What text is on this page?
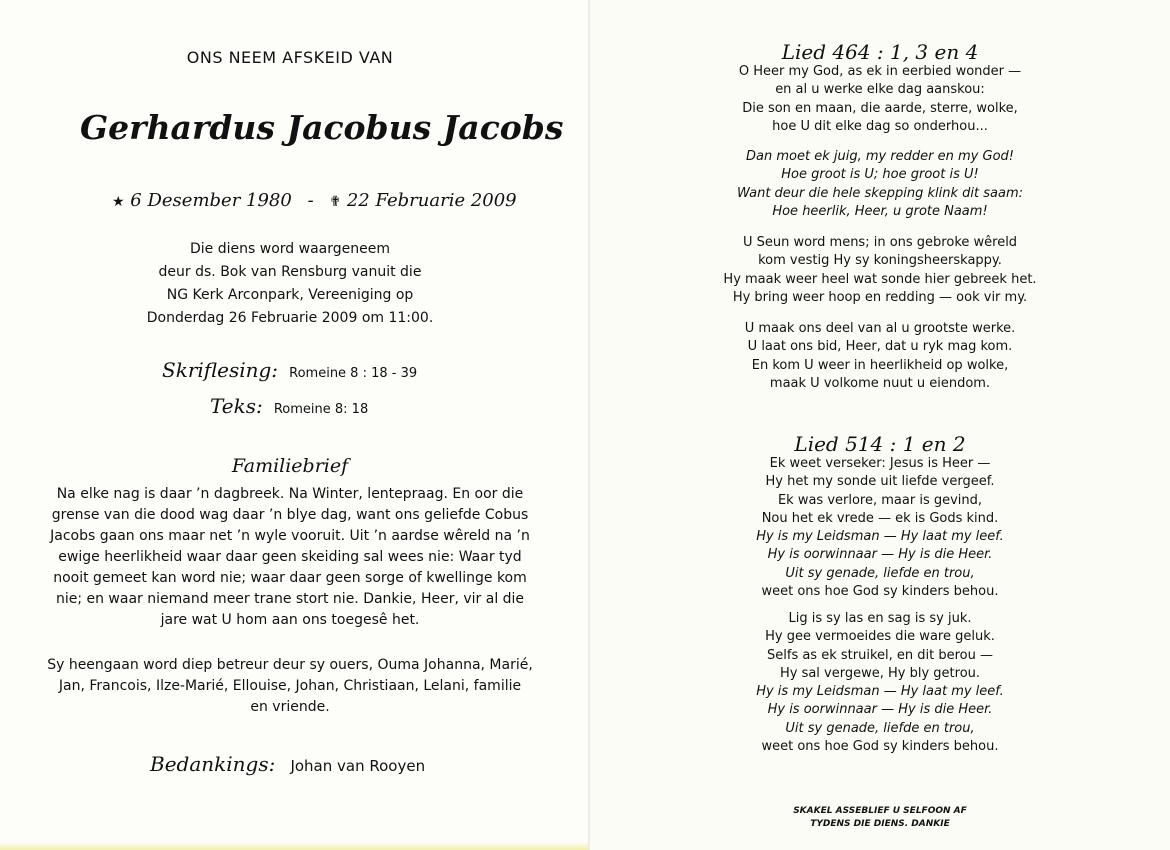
ONS NEEM AFSKEID VAN
Gerhardus Jacobus Jacobs
★ 6 Desember 1980 - ✟ 22 Februarie 2009
Die diens word waargeneem
deur ds. Bok van Rensburg vanuit die
NG Kerk Arconpark, Vereeniging op
Donderdag 26 Februarie 2009 om 11:00.
Skriflesing: Romeine 8 : 18 - 39
Teks: Romeine 8: 18
Familiebrief
Na elke nag is daar ’n dagbreek. Na Winter, lentepraag. En oor die
grense van die dood wag daar ’n blye dag, want ons geliefde Cobus
Jacobs gaan ons maar net ’n wyle vooruit. Uit ’n aardse wêreld na ’n
ewige heerlikheid waar daar geen skeiding sal wees nie: Waar tyd
nooit gemeet kan word nie; waar daar geen sorge of kwellinge kom
nie; en waar niemand meer trane stort nie. Dankie, Heer, vir al die
jare wat U hom aan ons toegesê het.
Sy heengaan word diep betreur deur sy ouers, Ouma Johanna, Marié,
Jan, Francois, Ilze-Marié, Ellouise, Johan, Christiaan, Lelani, familie
en vriende.
Bedankings: Johan van Rooyen
Lied 464 : 1, 3 en 4
O Heer my God, as ek in eerbied wonder —
en al u werke elke dag aanskou:
Die son en maan, die aarde, sterre, wolke,
hoe U dit elke dag so onderhou...
Dan moet ek juig, my redder en my God!
Hoe groot is U; hoe groot is U!
Want deur die hele skepping klink dit saam:
Hoe heerlik, Heer, u grote Naam!
U Seun word mens; in ons gebroke wêreld
kom vestig Hy sy koningsheerskappy.
Hy maak weer heel wat sonde hier gebreek het.
Hy bring weer hoop en redding — ook vir my.
U maak ons deel van al u grootste werke.
U laat ons bid, Heer, dat u ryk mag kom.
En kom U weer in heerlikheid op wolke,
maak U volkome nuut u eiendom.
Lied 514 : 1 en 2
Ek weet verseker: Jesus is Heer —
Hy het my sonde uit liefde vergeef.
Ek was verlore, maar is gevind,
Nou het ek vrede — ek is Gods kind.
Hy is my Leidsman — Hy laat my leef.
Hy is oorwinnaar — Hy is die Heer.
Uit sy genade, liefde en trou,
weet ons hoe God sy kinders behou.
Lig is sy las en sag is sy juk.
Hy gee vermoeides die ware geluk.
Selfs as ek struikel, en dit berou —
Hy sal vergewe, Hy bly getrou.
Hy is my Leidsman — Hy laat my leef.
Hy is oorwinnaar — Hy is die Heer.
Uit sy genade, liefde en trou,
weet ons hoe God sy kinders behou.
SKAKEL ASSEBLIEF U SELFOON AF
TYDENS DIE DIENS. DANKIE
